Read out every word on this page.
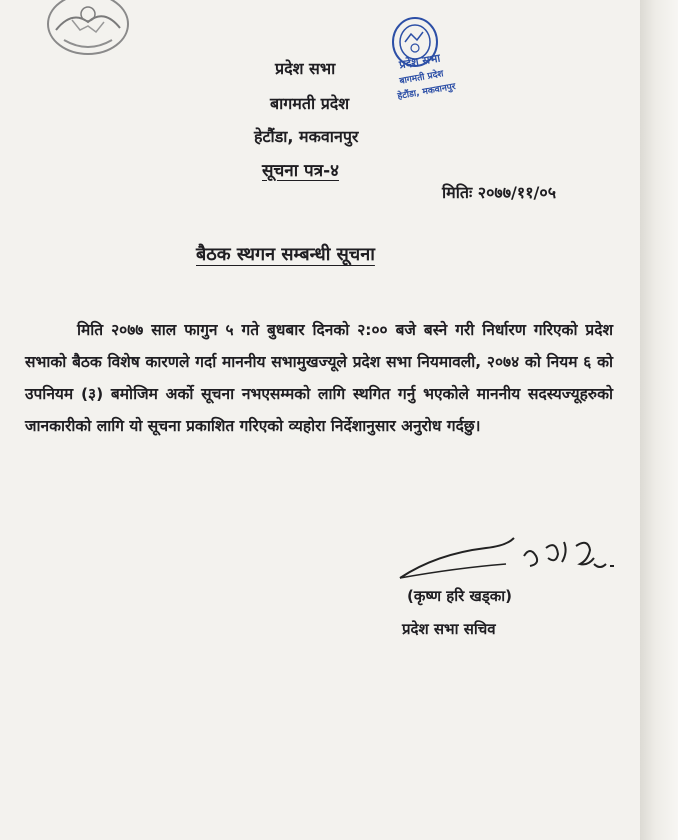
प्रदेश सभा
बागमती प्रदेश
हेटौंडा, मकवानपुर
प्रदेश सभा
बागमती प्रदेश
हेटौंडा, मकवानपुर
सूचना पत्र-४
मितिः २०७७/११/०५
बैठक स्थगन सम्बन्धी सूचना

मिति २०७७ साल फागुन ५ गते बुधबार दिनको २:०० बजे बस्ने गरी निर्धारण गरिएको प्रदेश सभाको बैठक विशेष कारणले गर्दा माननीय सभामुखज्यूले प्रदेश सभा नियमावली, २०७४ को नियम ६ को उपनियम (३) बमोजिम अर्को सूचना नभएसम्मको लागि स्थगित गर्नु भएकोले माननीय सदस्यज्यूहरुको जानकारीको लागि यो सूचना प्रकाशित गरिएको व्यहोरा निर्देशानुसार अनुरोध गर्दछु।

(कृष्ण हरि खड्का)
प्रदेश सभा सचिव
